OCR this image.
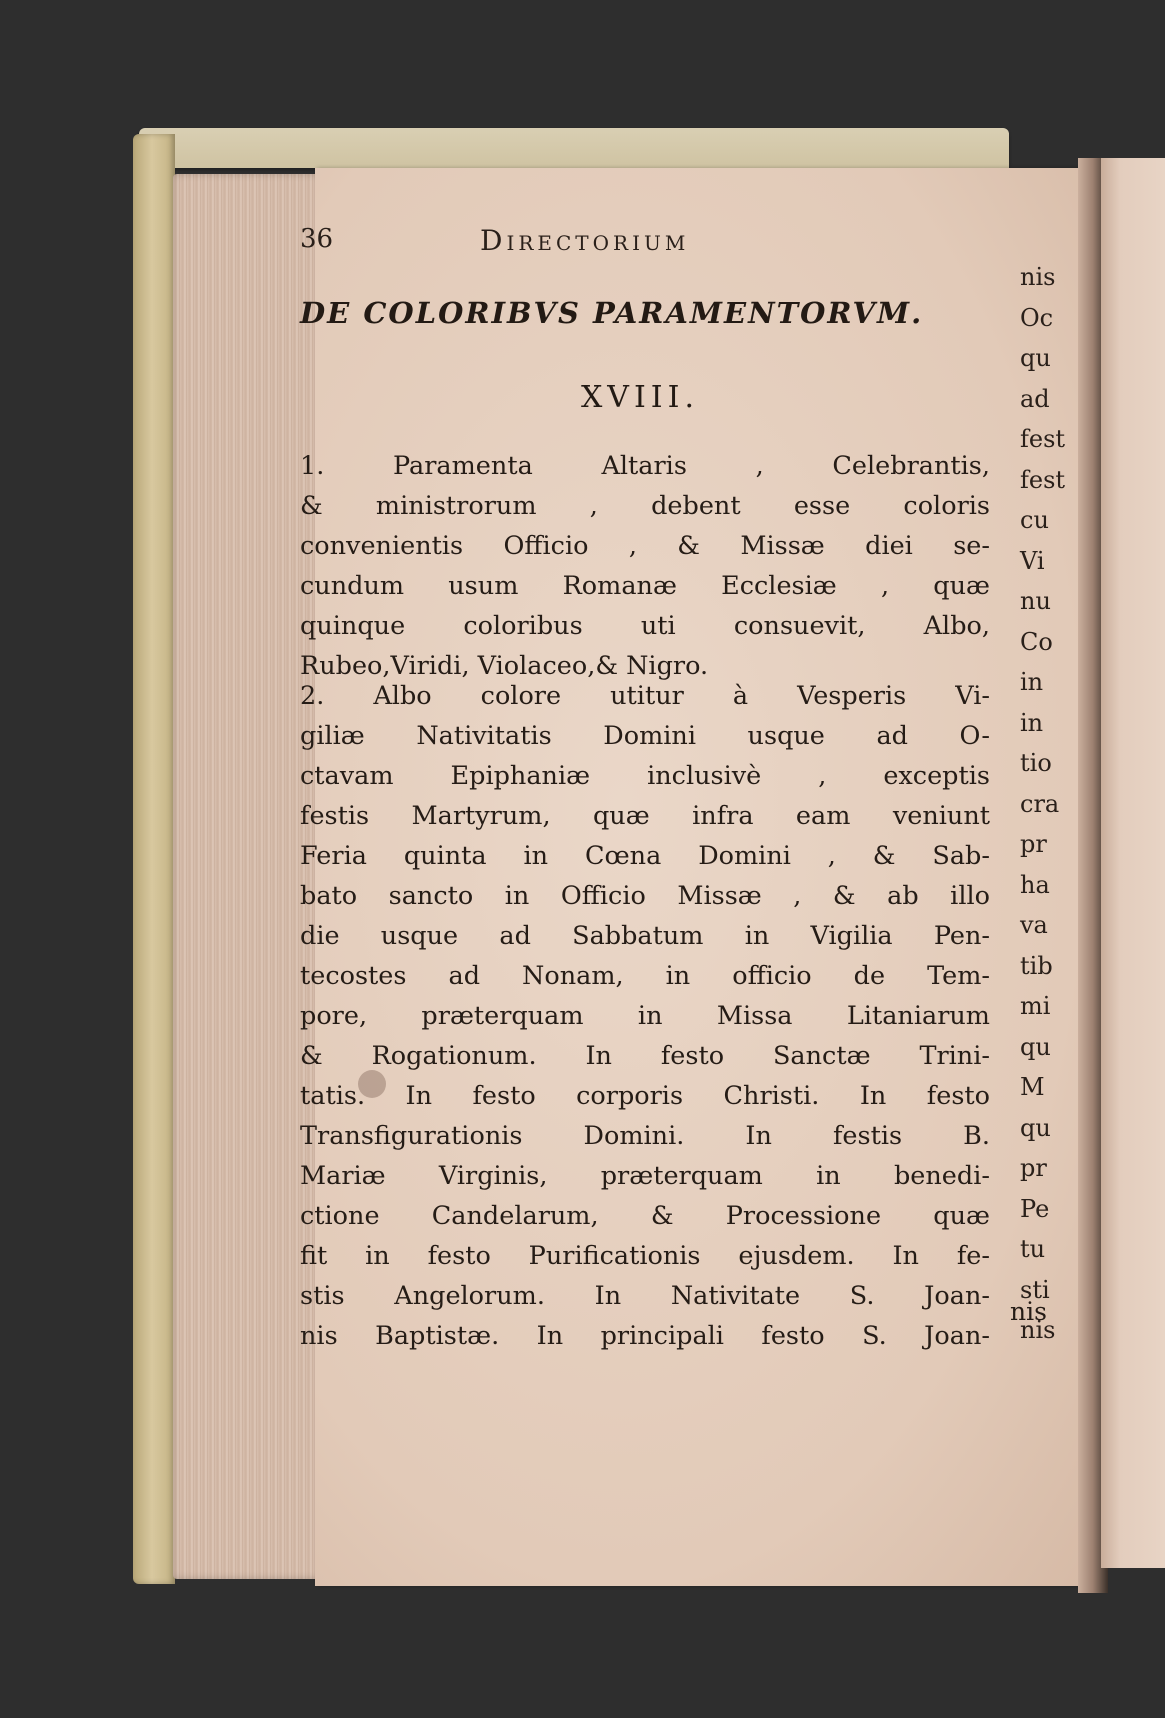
36	Directorium
DE COLORIBVS PARAMENTORVM.
XVIII.
1. Paramenta Altaris , Celebrantis,
& ministrorum , debent esse coloris
convenientis Officio , & Missæ diei se-
cundum usum Romanæ Ecclesiæ , quæ
quinque coloribus uti consuevit, Albo,
Rubeo,Viridi, Violaceo,& Nigro.
2. Albo colore utitur à Vesperis Vi-
giliæ Nativitatis Domini usque ad O-
ctavam Epiphaniæ inclusivè , exceptis
festis Martyrum, quæ infra eam veniunt
Feria quinta in Cœna Domini , & Sab-
bato sancto in Officio Missæ , & ab illo
die usque ad Sabbatum in Vigilia Pen-
tecostes ad Nonam, in officio de Tem-
pore, præterquam in Missa Litaniarum
& Rogationum. In festo Sanctæ Trini-
tatis. In festo corporis Christi. In festo
Transfigurationis Domini. In festis B.
Mariæ Virginis, præterquam in benedi-
ctione Candelarum, & Processione quæ
fit in festo Purificationis ejusdem. In fe-
stis Angelorum. In Nativitate S. Joan-
nis Baptistæ. In principali festo S. Joan-
nis
nis
Oc
qu
ad
fest
fest
cu
Vi
nu
Co
in
in
tio
cra
pr
ha
va
tib
mi
qu
M
qu
pr
Pe
tu
sti
nis
